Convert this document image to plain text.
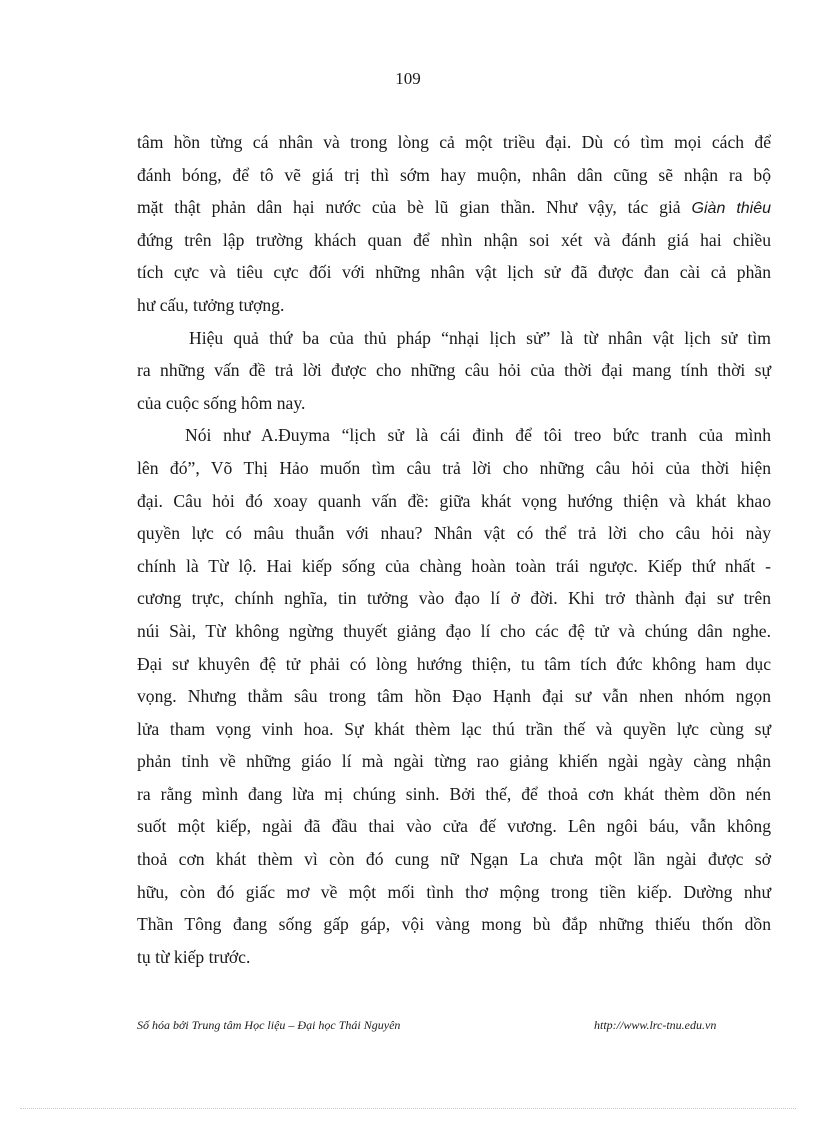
109
tâm hồn từng cá nhân và trong lòng cả một triều đại. Dù có tìm mọi cách để
đánh bóng, để tô vẽ giá trị thì sớm hay muộn, nhân dân cũng sẽ nhận ra bộ
mặt thật phản dân hại nước của bè lũ gian thần. Như vậy, tác giả Giàn thiêu
đứng trên lập trường khách quan để nhìn nhận soi xét và đánh giá hai chiều
tích cực và tiêu cực đối với những nhân vật lịch sử đã được đan cài cả phần
hư cấu, tưởng tượng.
Hiệu quả thứ ba của thủ pháp “nhại lịch sử” là từ nhân vật lịch sử tìm
ra những vấn đề trả lời được cho những câu hỏi của thời đại mang tính thời sự
của cuộc sống hôm nay.
Nói như A.Đuyma “lịch sử là cái đinh để tôi treo bức tranh của mình
lên đó”, Võ Thị Hảo muốn tìm câu trả lời cho những câu hỏi của thời hiện
đại. Câu hỏi đó xoay quanh vấn đề: giữa khát vọng hướng thiện và khát khao
quyền lực có mâu thuẫn với nhau? Nhân vật có thể trả lời cho câu hỏi này
chính là Từ lộ. Hai kiếp sống của chàng hoàn toàn trái ngược. Kiếp thứ nhất -
cương trực, chính nghĩa, tin tưởng vào đạo lí ở đời. Khi trở thành đại sư trên
núi Sài, Từ không ngừng thuyết giảng đạo lí cho các đệ tử và chúng dân nghe.
Đại sư khuyên đệ tử phải có lòng hướng thiện, tu tâm tích đức không ham dục
vọng. Nhưng thẳm sâu trong tâm hồn Đạo Hạnh đại sư vẫn nhen nhóm ngọn
lửa tham vọng vinh hoa. Sự khát thèm lạc thú trần thế và quyền lực cùng sự
phản tỉnh về những giáo lí mà ngài từng rao giảng khiến ngài ngày càng nhận
ra rằng mình đang lừa mị chúng sinh. Bởi thế, để thoả cơn khát thèm dồn nén
suốt một kiếp, ngài đã đầu thai vào cửa đế vương. Lên ngôi báu, vẫn không
thoả cơn khát thèm vì còn đó cung nữ Ngạn La chưa một lần ngài được sở
hữu, còn đó giấc mơ về một mối tình thơ mộng trong tiền kiếp. Dường như
Thần Tông đang sống gấp gáp, vội vàng mong bù đắp những thiếu thốn dồn
tụ từ kiếp trước.
Số hóa bởi Trung tâm Học liệu – Đại học Thái Nguyên	http://www.lrc-tnu.edu.vn
